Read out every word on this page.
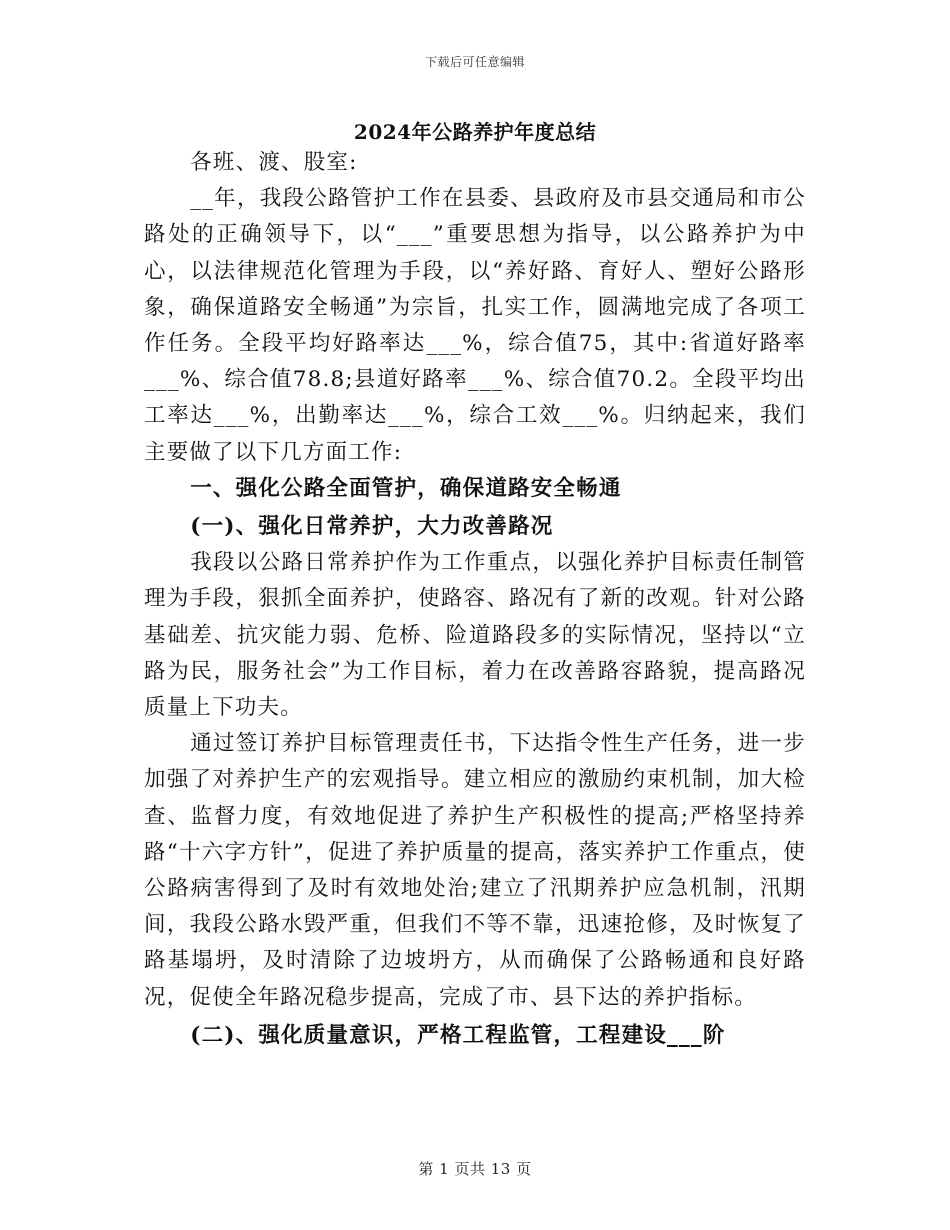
下载后可任意编辑
2024年公路养护年度总结

各班、渡、股室:

__年，我段公路管护工作在县委、县政府及市县交通局和市公路处的正确领导下，以“___”重要思想为指导，以公路养护为中心，以法律规范化管理为手段，以“养好路、育好人、塑好公路形象，确保道路安全畅通”为宗旨，扎实工作，圆满地完成了各项工作任务。全段平均好路率达___%，综合值75，其中:省道好路率___%、综合值78.8;县道好路率___%、综合值70.2。全段平均出工率达___%，出勤率达___%，综合工效___%。归纳起来，我们主要做了以下几方面工作:

一、强化公路全面管护，确保道路安全畅通

(一)、强化日常养护，大力改善路况

我段以公路日常养护作为工作重点，以强化养护目标责任制管理为手段，狠抓全面养护，使路容、路况有了新的改观。针对公路基础差、抗灾能力弱、危桥、险道路段多的实际情况，坚持以“立路为民，服务社会”为工作目标，着力在改善路容路貌，提高路况质量上下功夫。

通过签订养护目标管理责任书，下达指令性生产任务，进一步加强了对养护生产的宏观指导。建立相应的激励约束机制，加大检查、监督力度，有效地促进了养护生产积极性的提高;严格坚持养路“十六字方针”，促进了养护质量的提高，落实养护工作重点，使公路病害得到了及时有效地处治;建立了汛期养护应急机制，汛期间，我段公路水毁严重，但我们不等不靠，迅速抢修，及时恢复了路基塌坍，及时清除了边坡坍方，从而确保了公路畅通和良好路况，促使全年路况稳步提高，完成了市、县下达的养护指标。

(二)、强化质量意识，严格工程监管，工程建设___阶

第 1 页共 13 页
